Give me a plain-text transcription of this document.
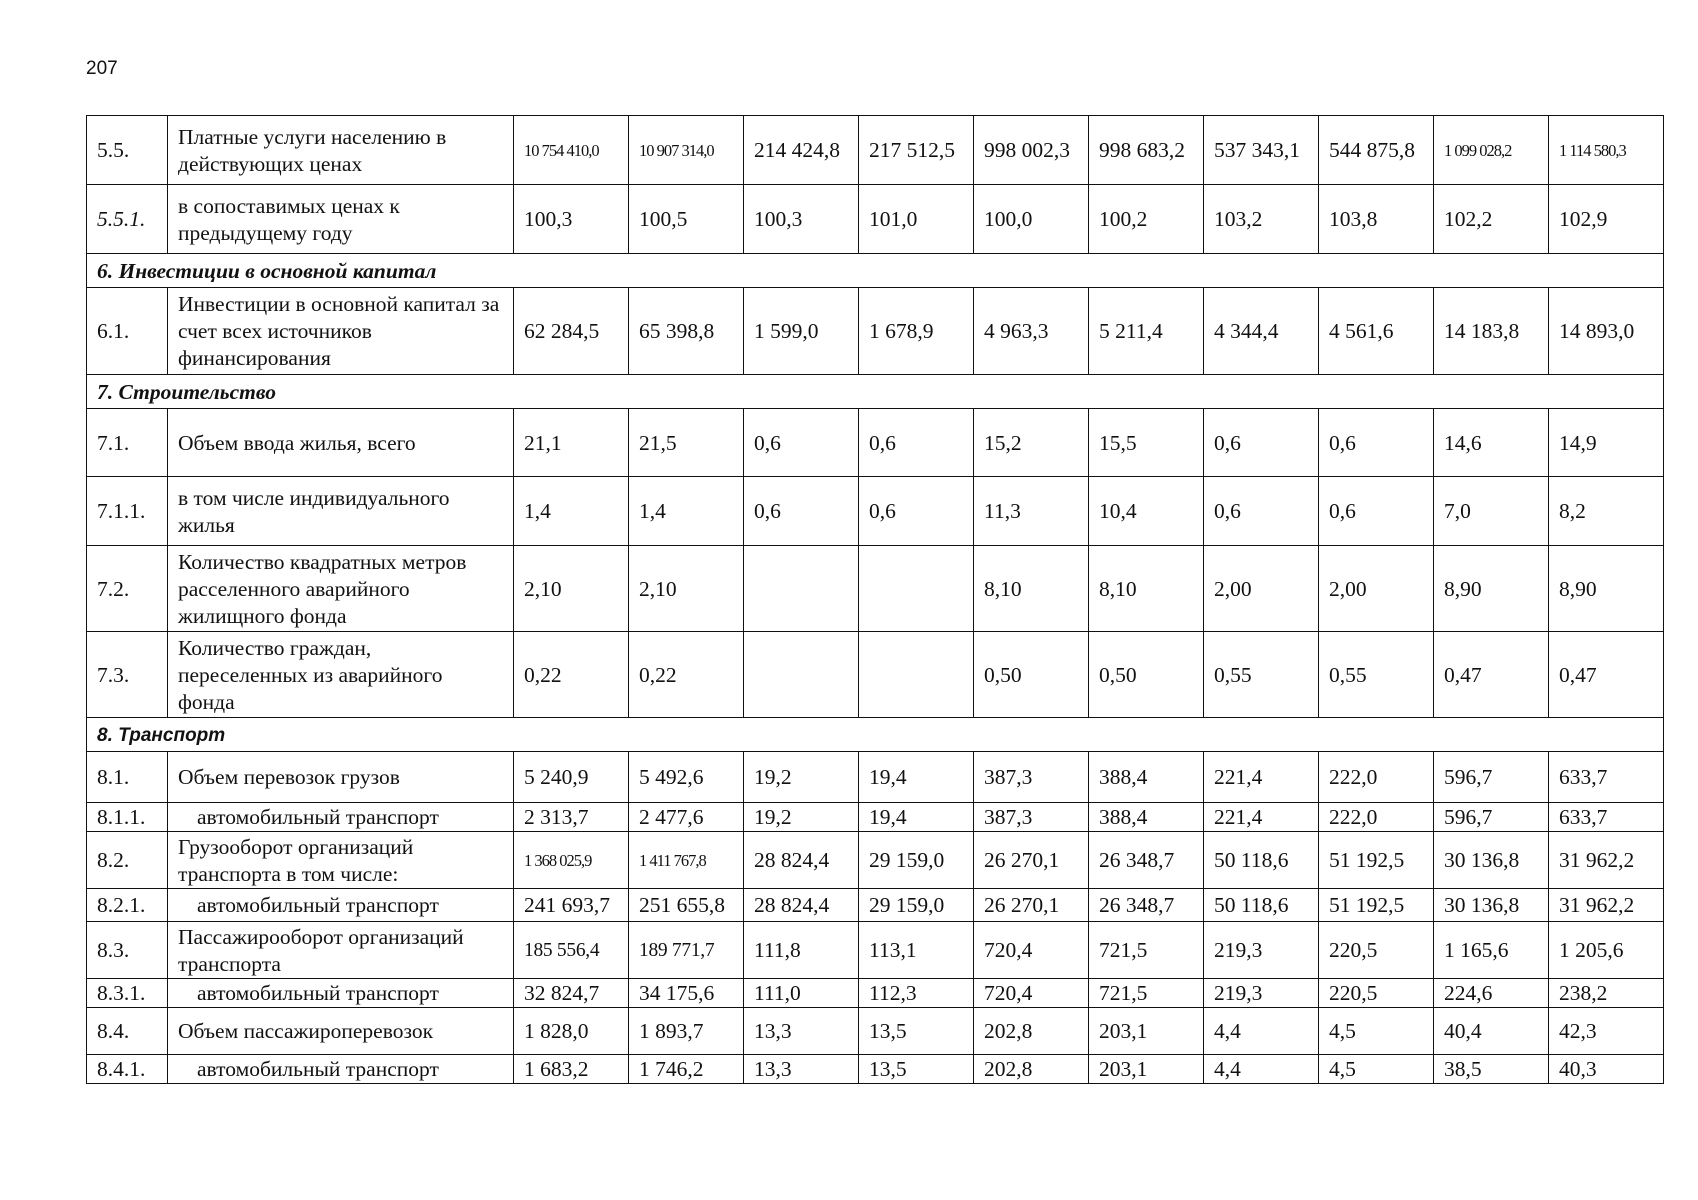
207
5.5.	Платные услуги населению в действующих ценах	10 754 410,0	10 907 314,0	214 424,8	217 512,5	998 002,3	998 683,2	537 343,1	544 875,8	1 099 028,2	1 114 580,3
5.5.1.	в сопоставимых ценах к предыдущему году	100,3	100,5	100,3	101,0	100,0	100,2	103,2	103,8	102,2	102,9
6. Инвестиции в основной капитал											
6.1.	Инвестиции в основной капитал за счет всех источников финансирования	62 284,5	65 398,8	1 599,0	1 678,9	4 963,3	5 211,4	4 344,4	4 561,6	14 183,8	14 893,0
7. Строительство											
7.1.	Объем ввода жилья, всего	21,1	21,5	0,6	0,6	15,2	15,5	0,6	0,6	14,6	14,9
7.1.1.	в том числе индивидуального жилья	1,4	1,4	0,6	0,6	11,3	10,4	0,6	0,6	7,0	8,2
7.2.	Количество квадратных метров расселенного аварийного жилищного фонда	2,10	2,10			8,10	8,10	2,00	2,00	8,90	8,90
7.3.	Количество граждан, переселенных из аварийного фонда	0,22	0,22			0,50	0,50	0,55	0,55	0,47	0,47
8. Транспорт											
8.1.	Объем перевозок грузов	5 240,9	5 492,6	19,2	19,4	387,3	388,4	221,4	222,0	596,7	633,7
8.1.1.	автомобильный транспорт	2 313,7	2 477,6	19,2	19,4	387,3	388,4	221,4	222,0	596,7	633,7
8.2.	Грузооборот организаций транспорта в том числе:	1 368 025,9	1 411 767,8	28 824,4	29 159,0	26 270,1	26 348,7	50 118,6	51 192,5	30 136,8	31 962,2
8.2.1.	автомобильный транспорт	241 693,7	251 655,8	28 824,4	29 159,0	26 270,1	26 348,7	50 118,6	51 192,5	30 136,8	31 962,2
8.3.	Пассажирооборот организаций транспорта	185 556,4	189 771,7	111,8	113,1	720,4	721,5	219,3	220,5	1 165,6	1 205,6
8.3.1.	автомобильный транспорт	32 824,7	34 175,6	111,0	112,3	720,4	721,5	219,3	220,5	224,6	238,2
8.4.	Объем пассажироперевозок	1 828,0	1 893,7	13,3	13,5	202,8	203,1	4,4	4,5	40,4	42,3
8.4.1.	автомобильный транспорт	1 683,2	1 746,2	13,3	13,5	202,8	203,1	4,4	4,5	38,5	40,3
